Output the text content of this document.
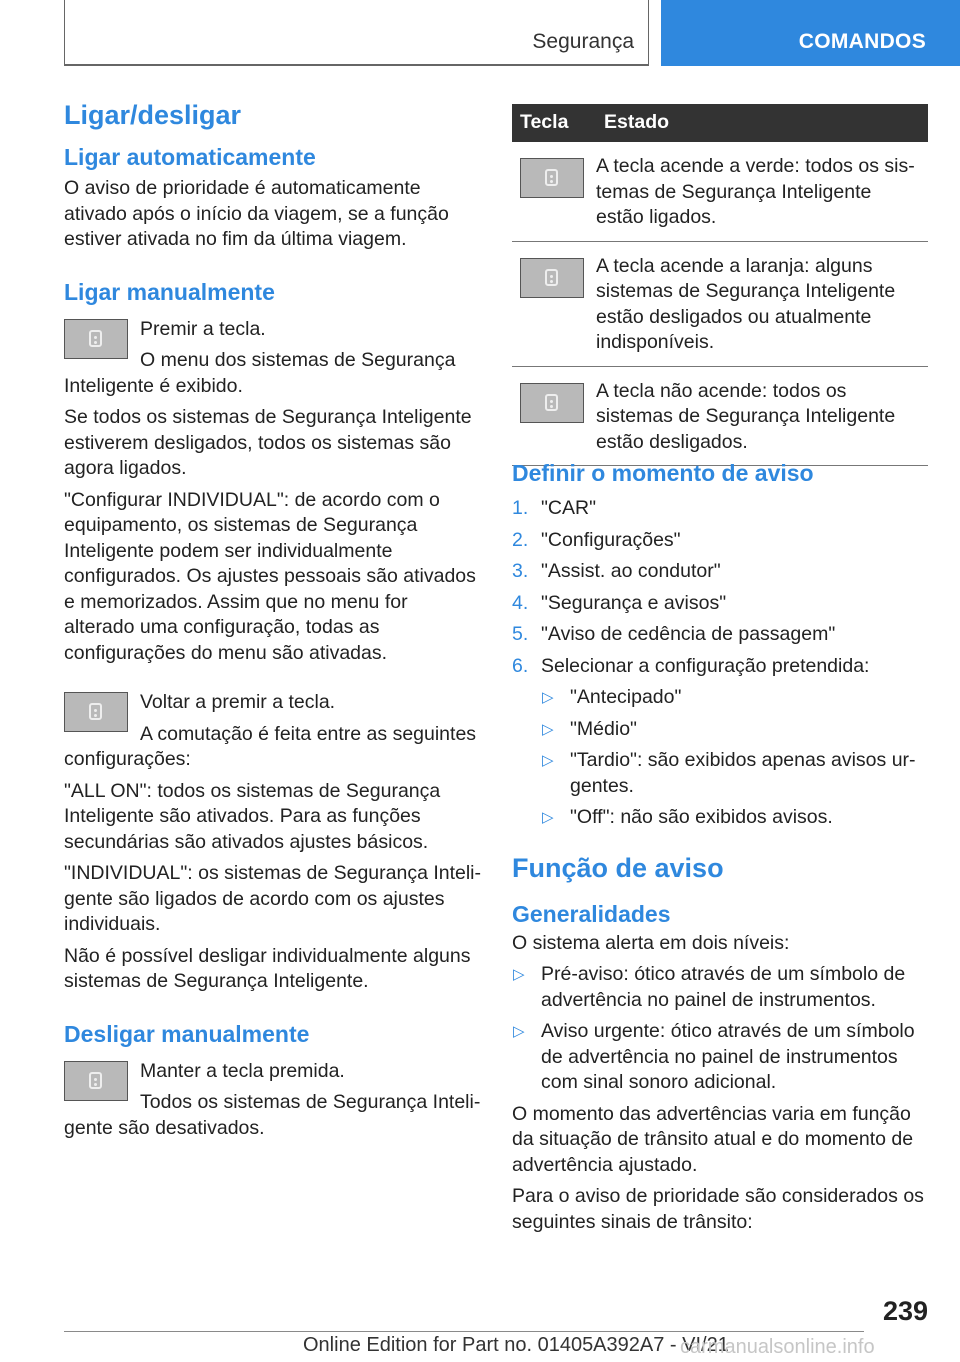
Segurança	COMANDOS
Ligar/desligar
Ligar automaticamente

O aviso de prioridade é automaticamente ativado após o início da viagem, se a função estiver ativada no fim da última viagem.

Ligar manualmente

Premir a tecla.

O menu dos sistemas de Segurança Inteligente é exibido.

Se todos os sistemas de Segurança Inteligente estiverem desligados, todos os sistemas são agora ligados.

"Configurar INDIVIDUAL": de acordo com o equipamento, os sistemas de Segurança Inteligente podem ser individualmente configurados. Os ajustes pessoais são ativados e memorizados. Assim que no menu for alterado uma configuração, todas as configurações do menu são ativadas.

Voltar a premir a tecla.

A comutação é feita entre as seguintes configurações:

"ALL ON": todos os sistemas de Segurança Inteligente são ativados. Para as funções secundárias são ativados ajustes básicos.

"INDIVIDUAL": os sistemas de Segurança Inteligente são ligados de acordo com os ajustes individuais.

Não é possível desligar individualmente alguns sistemas de Segurança Inteligente.

Desligar manualmente

Manter a tecla premida.

Todos os sistemas de Segurança Inteligente são desativados.

Tecla	Estado

	A tecla acende a verde: todos os sistemas de Segurança Inteligente estão ligados.

	A tecla acende a laranja: alguns sistemas de Segurança Inteligente estão desligados ou atualmente indisponíveis.

	A tecla não acende: todos os sistemas de Segurança Inteligente estão desligados.
Definir o momento de aviso
1. "CAR"
2. "Configurações"
3. "Assist. ao condutor"
4. "Segurança e avisos"
5. "Aviso de cedência de passagem"
6. Selecionar a configuração pretendida:
▷ "Antecipado"
▷ "Médio"
▷ "Tardio": são exibidos apenas avisos urgentes.
▷ "Off": não são exibidos avisos.
Função de aviso
Generalidades

O sistema alerta em dois níveis:

▷ Pré-aviso: ótico através de um símbolo de advertência no painel de instrumentos.
▷ Aviso urgente: ótico através de um símbolo de advertência no painel de instrumentos com sinal sonoro adicional.

O momento das advertências varia em função da situação de trânsito atual e do momento de advertência ajustado.

Para o aviso de prioridade são considerados os seguintes sinais de trânsito:

239
Online Edition for Part no. 01405A392A7 - VI/21
carmanualsonline.info
